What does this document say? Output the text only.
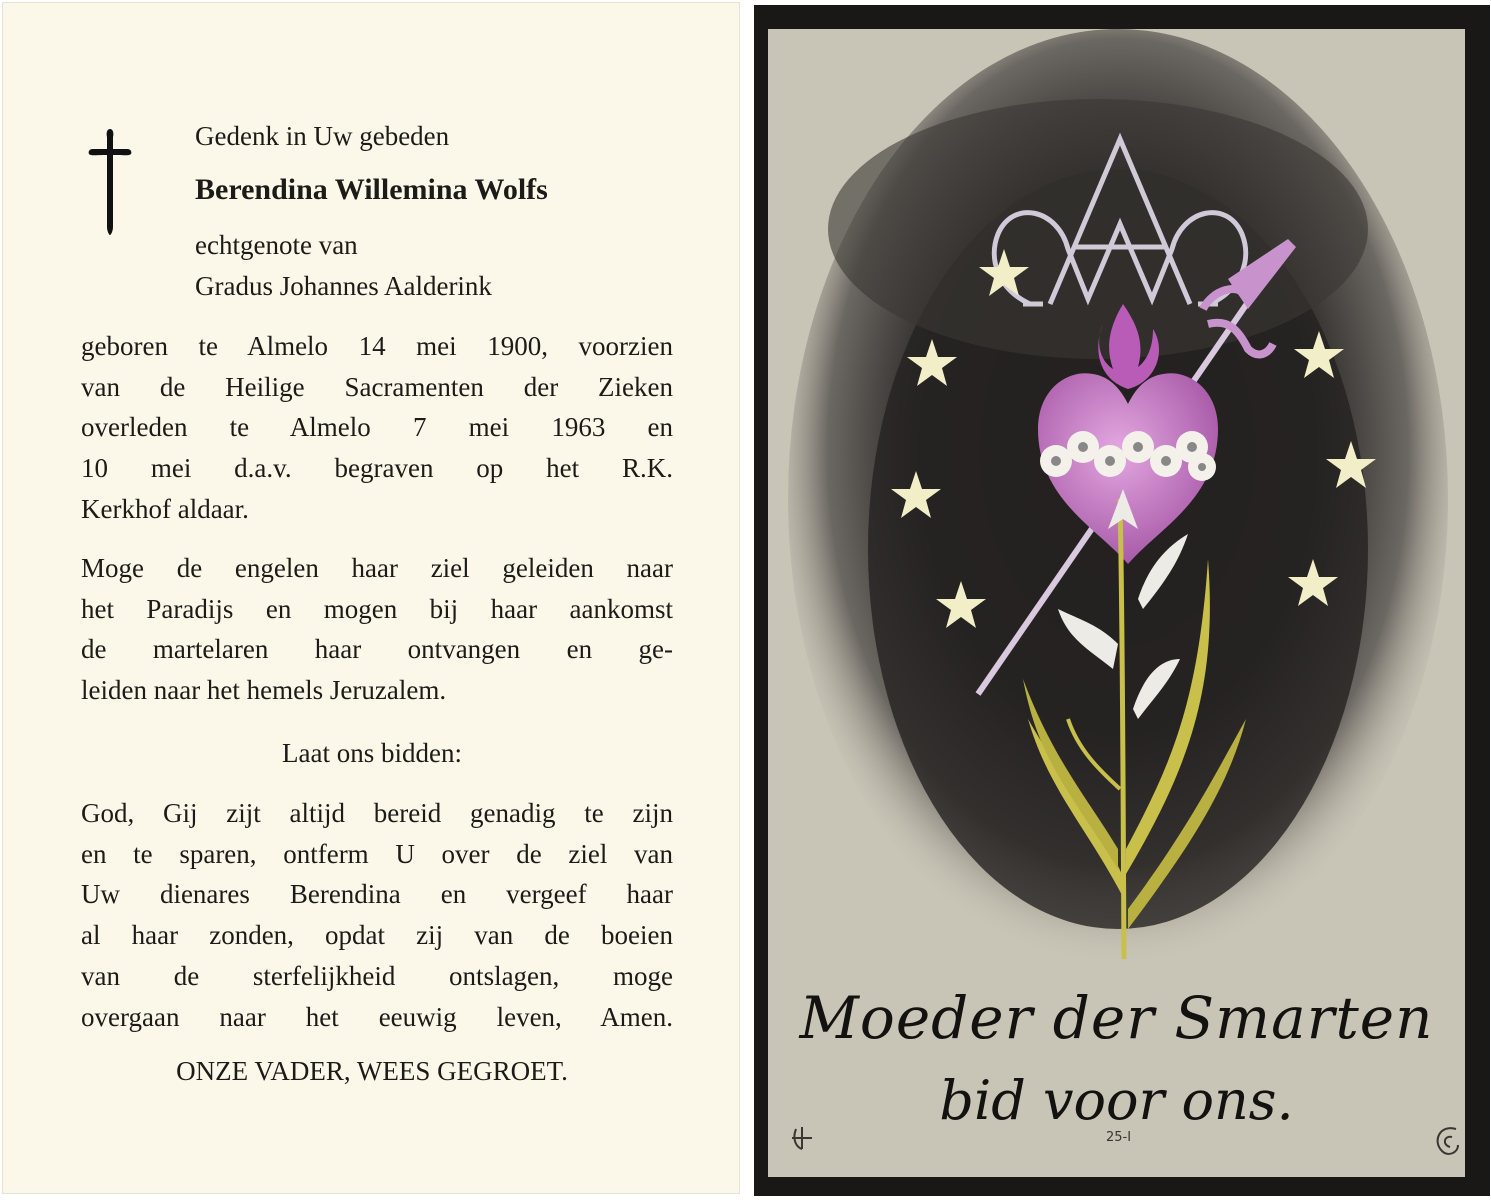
Gedenk in Uw gebeden
Berendina Willemina Wolfs
echtgenote van
Gradus Johannes Aalderink
geboren te Almelo 14 mei 1900, voorzien
van de Heilige Sacramenten der Zieken
overleden te Almelo 7 mei 1963 en
10 mei d.a.v. begraven op het R.K.
Kerkhof aldaar.
Moge de engelen haar ziel geleiden naar
het Paradijs en mogen bij haar aankomst
de martelaren haar ontvangen en ge-
leiden naar het hemels Jeruzalem.
Laat ons bidden:
God, Gij zijt altijd bereid genadig te zijn
en te sparen, ontferm U over de ziel van
Uw dienares Berendina en vergeef haar
al haar zonden, opdat zij van de boeien
van de sterfelijkheid ontslagen, moge
overgaan naar het eeuwig leven, Amen.
ONZE VADER, WEES GEGROET.
Moeder der Smarten
bid voor ons.
25-I
